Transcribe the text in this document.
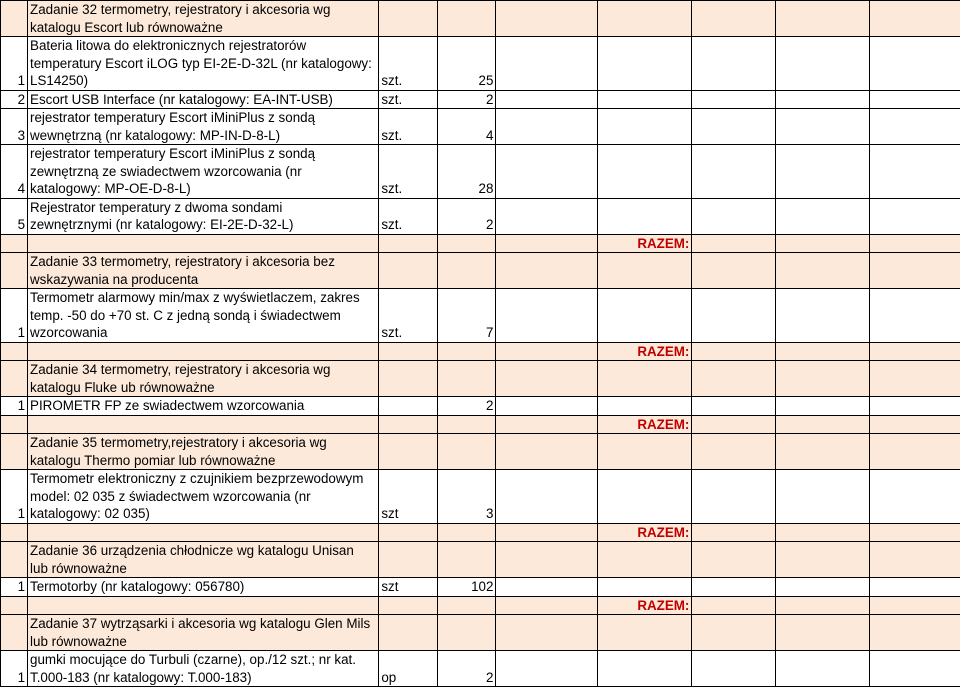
	Zadanie 32 termometry, rejestratory i akcesoria wg
katalogu Escort lub równoważne								

1	Bateria litowa do elektronicznych rejestratorów
temperatury Escort iLOG typ EI-2E-D-32L (nr katalogowy:
LS14250)	szt.	25						
2	Escort USB Interface (nr katalogowy: EA-INT-USB)	szt.	2						
3	rejestrator temperatury Escort iMiniPlus z sondą
wewnętrzną (nr katalogowy: MP-IN-D-8-L)	szt.	4						
4	rejestrator temperatury Escort iMiniPlus z sondą
zewnętrzną ze swiadectwem wzorcowania (nr
katalogowy: MP-OE-D-8-L)	szt.	28						
5	Rejestrator temperatury z dwoma sondami
zewnętrznymi (nr katalogowy: EI-2E-D-32-L)	szt.	2						
					RAZEM:				

	Zadanie 33 termometry, rejestratory i akcesoria bez
wskazywania na producenta								

1	Termometr alarmowy min/max z wyświetlaczem, zakres
temp. -50 do +70 st. C z jedną sondą i świadectwem
wzorcowania	szt.	7						
					RAZEM:				

	Zadanie 34 termometry, rejestratory i akcesoria wg
katalogu Fluke ub równoważne								

1	PIROMETR FP ze swiadectwem wzorcowania		2						
					RAZEM:				

	Zadanie 35 termometry,rejestratory i akcesoria wg
katalogu Thermo pomiar lub równoważne								

1	Termometr elektroniczny z czujnikiem bezprzewodowym
model: 02 035 z świadectwem wzorcowania (nr
katalogowy: 02 035)	szt	3						
					RAZEM:				

	Zadanie 36 urządzenia chłodnicze wg katalogu Unisan
lub równoważne								

1	Termotorby (nr katalogowy: 056780)	szt	102						
					RAZEM:				

	Zadanie 37 wytrząsarki i akcesoria wg katalogu Glen Mils
lub równoważne								

1	gumki mocujące do Turbuli (czarne), op./12 szt.; nr kat.
T.000-183 (nr katalogowy: T.000-183)	op	2						
